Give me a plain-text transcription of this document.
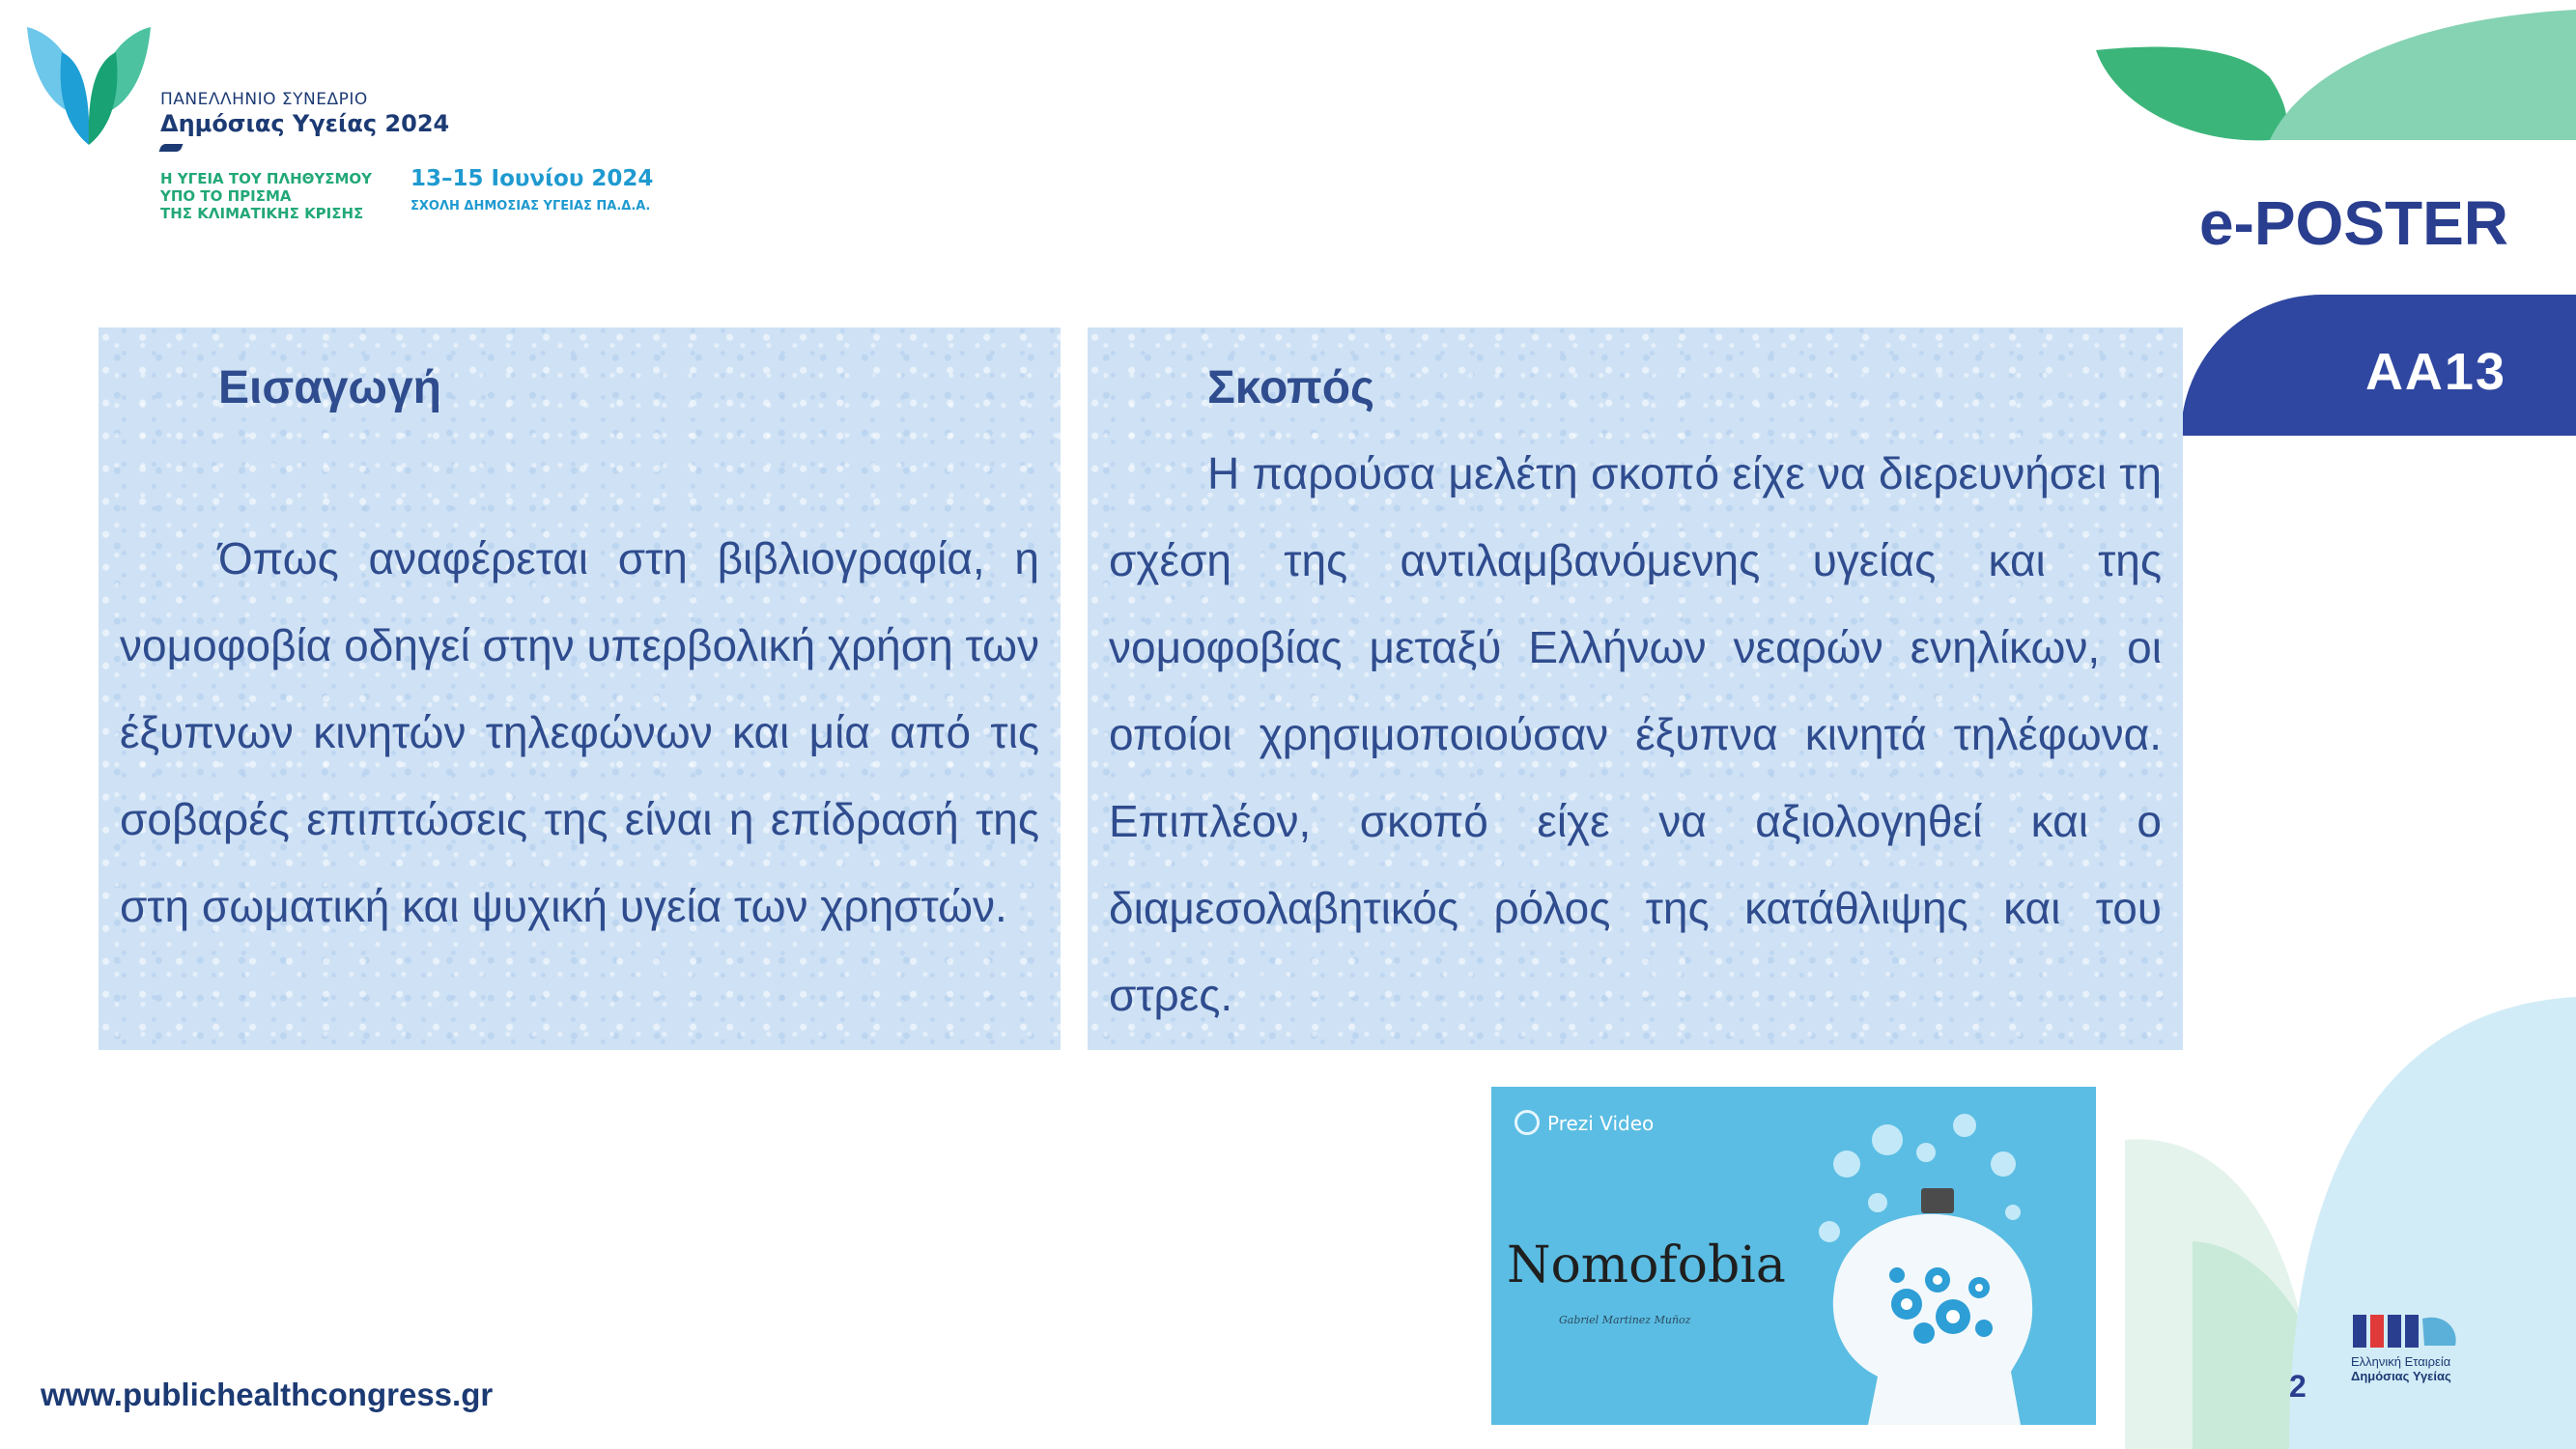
ΠΑΝΕΛΛΗΝΙΟ ΣΥΝΕΔΡΙΟ
Δημόσιας Υγείας 2024
Η ΥΓΕΙΑ ΤΟΥ ΠΛΗΘΥΣΜΟΥ
ΥΠΟ ΤΟ ΠΡΙΣΜΑ
ΤΗΣ ΚΛΙΜΑΤΙΚΗΣ ΚΡΙΣΗΣ
13–15 Ιουνίου 2024
ΣΧΟΛΗ ΔΗΜΟΣΙΑΣ ΥΓΕΙΑΣ ΠΑ.Δ.Α.	e-POSTER
AA13
Εισαγωγή

Όπως αναφέρεται στη βιβλιογραφία, η νομοφοβία οδηγεί στην υπερβολική χρήση των έξυπνων κινητών τηλεφώνων και μία από τις σοβαρές επιπτώσεις της είναι η επίδρασή της στη σωματική και ψυχική υγεία των χρηστών.

Σκοπός

Η παρούσα μελέτη σκοπό είχε να διερευνήσει τη σχέση της αντιλαμβανόμενης υγείας και της νομοφοβίας μεταξύ Ελλήνων νεαρών ενηλίκων, οι οποίοι χρησιμοποιούσαν έξυπνα κινητά τηλέφωνα. Επιπλέον, σκοπό είχε να αξιολογηθεί και ο διαμεσολαβητικός ρόλος της κατάθλιψης και του στρες.

Prezi Video
Nomofobia
Gabriel Martinez Muñoz
www.publichealthcongress.gr	2
Ελληνική Εταιρεία
Δημόσιας Υγείας
